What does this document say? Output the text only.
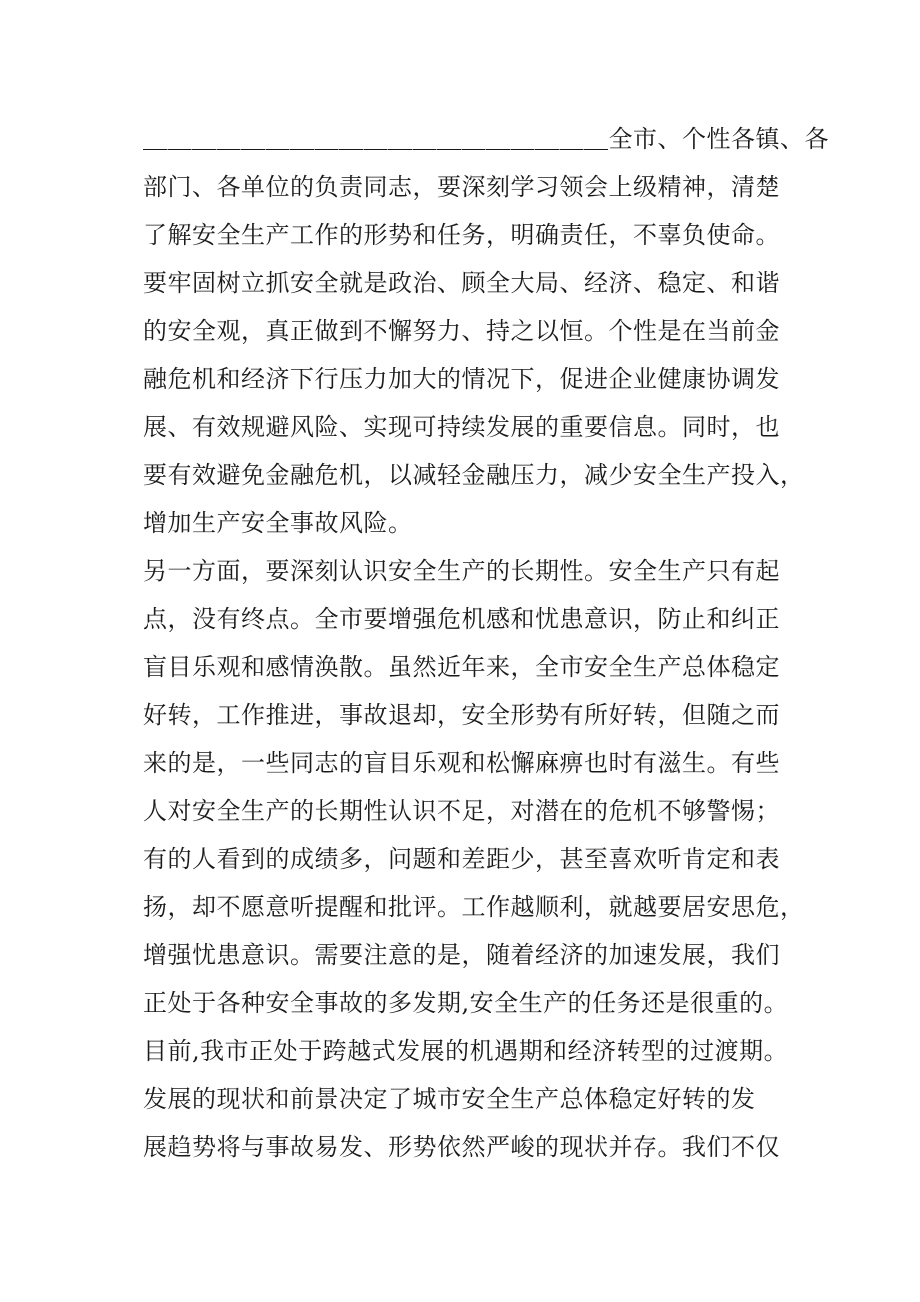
＿＿＿＿＿＿＿＿＿＿＿＿＿＿＿＿＿＿＿全市、个性各镇、各
部门、各单位的负责同志，要深刻学习领会上级精神，清楚
了解安全生产工作的形势和任务，明确责任，不辜负使命。
要牢固树立抓安全就是政治、顾全大局、经济、稳定、和谐
的安全观，真正做到不懈努力、持之以恒。个性是在当前金
融危机和经济下行压力加大的情况下，促进企业健康协调发
展、有效规避风险、实现可持续发展的重要信息。同时，也
要有效避免金融危机，以减轻金融压力，减少安全生产投入，
增加生产安全事故风险。

另一方面，要深刻认识安全生产的长期性。安全生产只有起
点，没有终点。全市要增强危机感和忧患意识，防止和纠正
盲目乐观和感情涣散。虽然近年来，全市安全生产总体稳定
好转，工作推进，事故退却，安全形势有所好转，但随之而
来的是，一些同志的盲目乐观和松懈麻痹也时有滋生。有些
人对安全生产的长期性认识不足，对潜在的危机不够警惕；
有的人看到的成绩多，问题和差距少，甚至喜欢听肯定和表
扬，却不愿意听提醒和批评。工作越顺利，就越要居安思危，
增强忧患意识。需要注意的是，随着经济的加速发展，我们
正处于各种安全事故的多发期,安全生产的任务还是很重的。
目前,我市正处于跨越式发展的机遇期和经济转型的过渡期。
发展的现状和前景决定了城市安全生产总体稳定好转的发
展趋势将与事故易发、形势依然严峻的现状并存。我们不仅
